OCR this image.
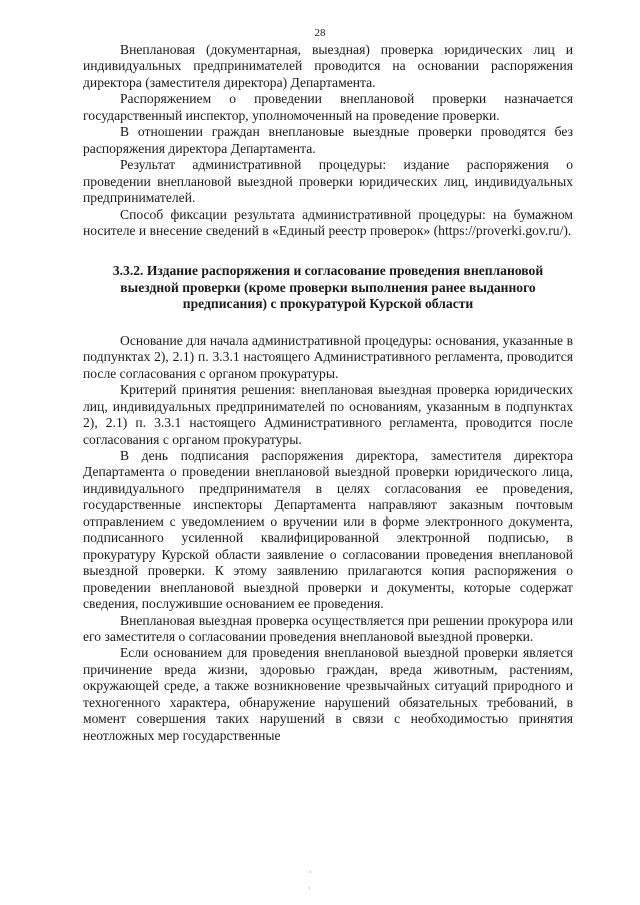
28

Внеплановая (документарная, выездная) проверка юридических лиц и индивидуальных предпринимателей проводится на основании распоряжения директора (заместителя директора) Департамента.

Распоряжением о проведении внеплановой проверки назначается государственный инспектор, уполномоченный на проведение проверки.

В отношении граждан внеплановые выездные проверки проводятся без распоряжения директора Департамента.

Результат административной процедуры: издание распоряжения о проведении внеплановой выездной проверки юридических лиц, индивидуальных предпринимателей.

Способ фиксации результата административной процедуры: на бумажном носителе и внесение сведений в «Единый реестр проверок» (https://proverki.gov.ru/).

3.3.2. Издание распоряжения и согласование проведения внеплановой выездной проверки (кроме проверки выполнения ранее выданного предписания) с прокуратурой Курской области

Основание для начала административной процедуры: основания, указанные в подпунктах 2), 2.1) п. 3.3.1 настоящего Административного регламента, проводится после согласования с органом прокуратуры.

Критерий принятия решения: внеплановая выездная проверка юридических лиц, индивидуальных предпринимателей по основаниям, указанным в подпунктах 2), 2.1) п. 3.3.1 настоящего Административного регламента, проводится после согласования с органом прокуратуры.

В день подписания распоряжения директора, заместителя директора Департамента о проведении внеплановой выездной проверки юридического лица, индивидуального предпринимателя в целях согласования ее проведения, государственные инспекторы Департамента направляют заказным почтовым отправлением с уведомлением о вручении или в форме электронного документа, подписанного усиленной квалифицированной электронной подписью, в прокуратуру Курской области заявление о согласовании проведения внеплановой выездной проверки. К этому заявлению прилагаются копия распоряжения о проведении внеплановой выездной проверки и документы, которые содержат сведения, послужившие основанием ее проведения.

Внеплановая выездная проверка осуществляется при решении прокурора или его заместителя о согласовании проведения внеплановой выездной проверки.

Если основанием для проведения внеплановой выездной проверки является причинение вреда жизни, здоровью граждан, вреда животным, растениям, окружающей среде, а также возникновение чрезвычайных ситуаций природного и техногенного характера, обнаружение нарушений обязательных требований, в момент совершения таких нарушений в связи с необходимостью принятия неотложных мер государственные

·
·
